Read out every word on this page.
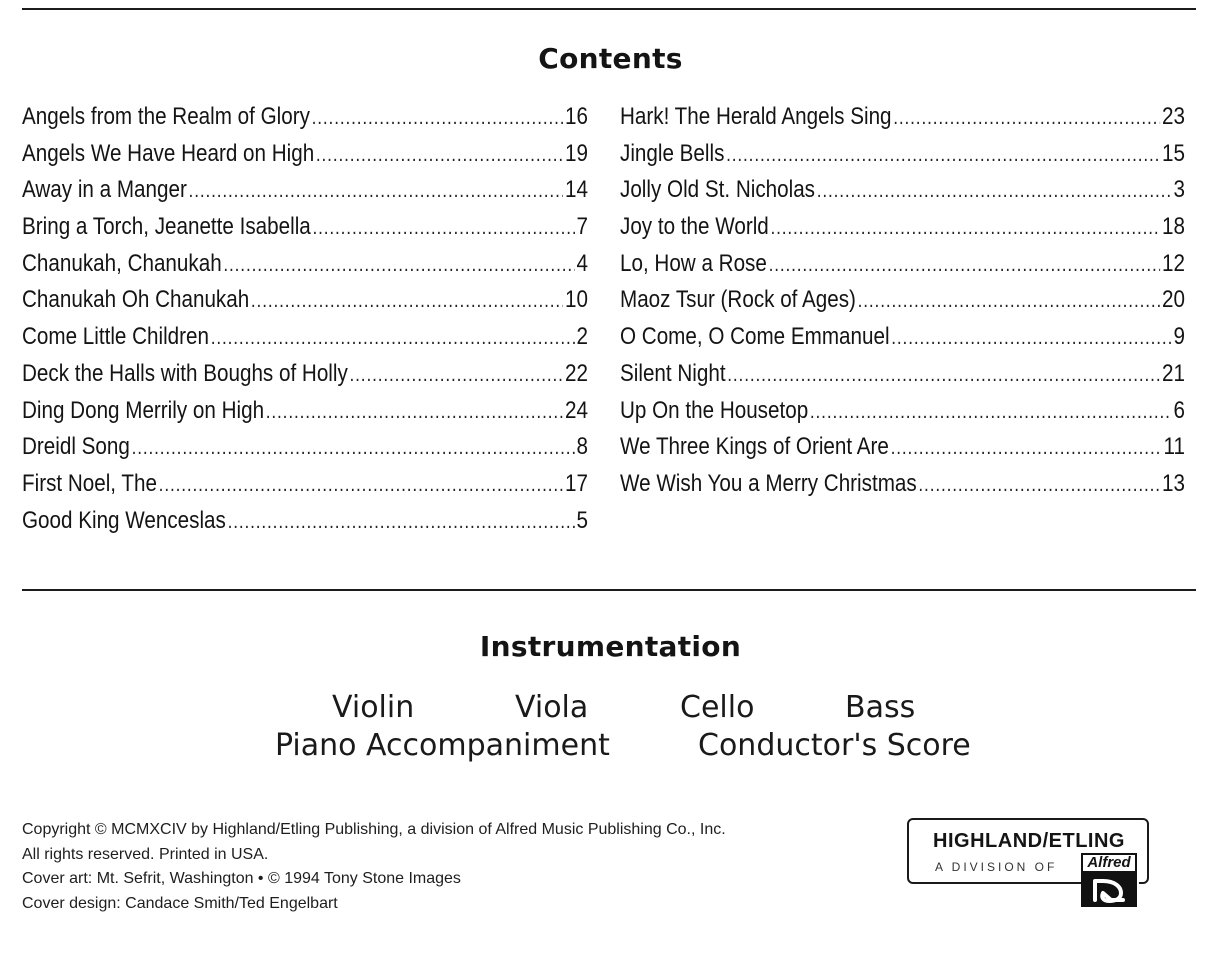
Contents
Angels from the Realm of Glory .....	16
Angels We Have Heard on High .....	19
Away in a Manger .....	14
Bring a Torch, Jeanette Isabella .....	7
Chanukah, Chanukah .....	4
Chanukah Oh Chanukah .....	10
Come Little Children .....	2
Deck the Halls with Boughs of Holly .....	22
Ding Dong Merrily on High .....	24
Dreidl Song .....	8
First Noel, The .....	17
Good King Wenceslas .....	5
Hark! The Herald Angels Sing .....	23
Jingle Bells .....	15
Jolly Old St. Nicholas .....	3
Joy to the World .....	18
Lo, How a Rose .....	12
Maoz Tsur (Rock of Ages) .....	20
O Come, O Come Emmanuel .....	9
Silent Night .....	21
Up On the Housetop .....	6
We Three Kings of Orient Are .....	11
We Wish You a Merry Christmas .....	13
Instrumentation
Violin	Viola	Cello	Bass
Piano Accompaniment	Conductor's Score
Copyright © MCMXCIV by Highland/Etling Publishing, a division of Alfred Music Publishing Co., Inc.
All rights reserved. Printed in USA.
Cover art: Mt. Sefrit, Washington • © 1994 Tony Stone Images
Cover design: Candace Smith/Ted Engelbart
HIGHLAND/ETLING
A DIVISION OF	Alfred
